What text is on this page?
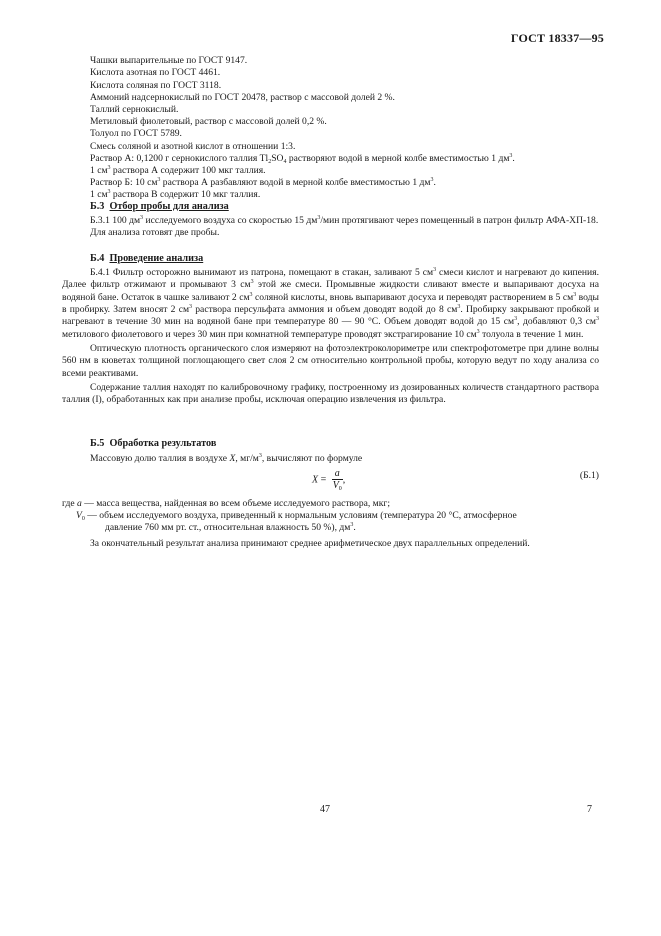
ГОСТ 18337—95
Чашки выпарительные по ГОСТ 9147.
Кислота азотная по ГОСТ 4461.
Кислота соляная по ГОСТ 3118.
Аммоний надсернокислый по ГОСТ 20478, раствор с массовой долей 2 %.
Таллий сернокислый.
Метиловый фиолетовый, раствор с массовой долей 0,2 %.
Толуол по ГОСТ 5789.
Смесь соляной и азотной кислот в отношении 1:3.
Раствор А: 0,1200 г сернокислого таллия $Tl_2SO_4$ растворяют водой в мерной колбе вместимостью 1 $дм^3$.
1 $см^3$ раствора А содержит 100 мкг таллия.
Раствор Б: 10 $см^3$ раствора А разбавляют водой в мерной колбе вместимостью 1 $дм^3$.
1 $см^3$ раствора В содержит 10 мкг таллия.
Б.3 Отбор пробы для анализа

Б.3.1 100 $дм^3$ исследуемого воздуха со скоростью 15 $дм^3$/мин протягивают через помещенный в патрон фильтр АФА-ХП-18.

Для анализа готовят две пробы.

Б.4 Проведение анализа

Б.4.1 Фильтр осторожно вынимают из патрона, помещают в стакан, заливают 5 $см^3$ смеси кислот и нагревают до кипения. Далее фильтр отжимают и промывают 3 $см^3$ этой же смеси. Промывные жидкости сливают вместе и выпаривают досуха на водяной бане. Остаток в чашке заливают 2 $см^3$ соляной кислоты, вновь выпаривают досуха и переводят растворением в 5 $см^3$ воды в пробирку. Затем вносят 2 $см^3$ раствора персульфата аммония и объем доводят водой до 8 $см^3$. Пробирку закрывают пробкой и нагревают в течение 30 мин на водяной бане при температуре 80 — 90 °С. Объем доводят водой до 15 $см^3$, добавляют 0,3 $см^3$ метилового фиолетового и через 30 мин при комнатной температуре проводят экстрагирование 10 $см^3$ толуола в течение 1 мин.

Оптическую плотность органического слоя измеряют на фотоэлектроколориметре или спектрофотометре при длине волны 560 нм в кюветах толщиной поглощающего свет слоя 2 см относительно контрольной пробы, которую ведут по ходу анализа со всеми реактивами.

Содержание таллия находят по калибровочному графику, построенному из дозированных количеств стандартного раствора таллия (I), обработанных как при анализе пробы, исключая операцию извлечения из фильтра.

Б.5 Обработка результатов
Массовую долю таллия в воздухе X, $мг/м^3$, вычисляют по формуле
$X = \frac{a}{V_0}$ ,	(Б.1)
где a — масса вещества, найденная во всем объеме исследуемого раствора, мкг;
$V_0$ — объем исследуемого воздуха, приведенный к нормальным условиям (температура 20 °С, атмосферное
давление 760 мм рт. ст., относительная влажность 50 %), $дм^3$.
За окончательный результат анализа принимают среднее арифметическое двух параллельных определений.
47	7
